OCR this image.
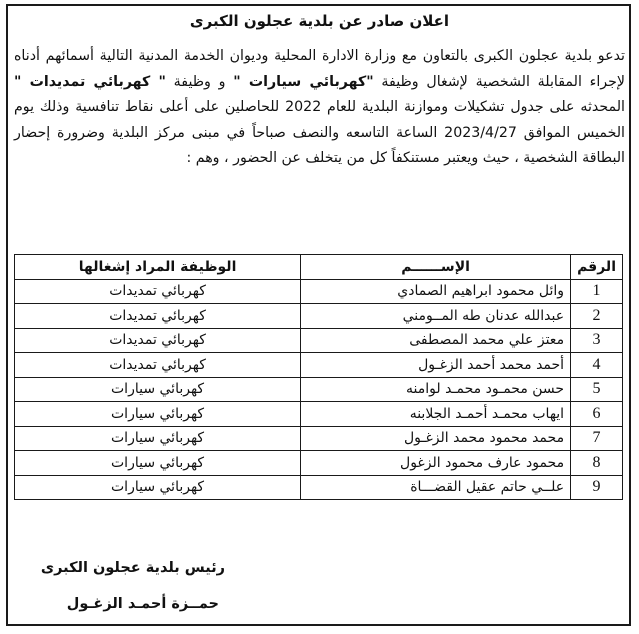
اعلان صادر عن بلدية عجلون الكبرى
تدعو بلدية عجلون الكبرى بالتعاون مع وزارة الادارة المحلية وديوان الخدمة المدنية التالية أسمائهم أدناه لإجراء المقابلة الشخصية لإشغال وظيفة "كهربائي سيارات " و وظيفة " كهربائي تمديدات " المحدثه على جدول تشكيلات وموازنة البلدية للعام 2022 للحاصلين على أعلى نقاط تنافسية وذلك يوم الخميس الموافق 2023/4/27 الساعة التاسعه والنصف صباحاً في مبنى مركز البلدية وضرورة إحضار البطاقة الشخصية ، حيث ويعتبر مستنكفاً كل من يتخلف عن الحضور ، وهم :
الرقم	الإســــــم	الوظيفة المراد إشغالها
1	وائل محمود ابراهيم الصمادي	كهربائي تمديدات
2	عبدالله عدنان طه المــومني	كهربائي تمديدات
3	معتز علي محمد المصطفى	كهربائي تمديدات
4	أحمد محمد أحمد الزغـول	كهربائي تمديدات
5	حسن محمـود محمـد لوامنه	كهربائي سيارات
6	ايهاب محمـد أحمـد الجلابنه	كهربائي سيارات
7	محمد محمود محمد الزغـول	كهربائي سيارات
8	محمود عارف محمود الزغول	كهربائي سيارات
9	علــي حاتم عقيل القضـــاة	كهربائي سيارات
رئيس بلدية عجلون الكبرى
حمــزة أحمـد الزغـول
